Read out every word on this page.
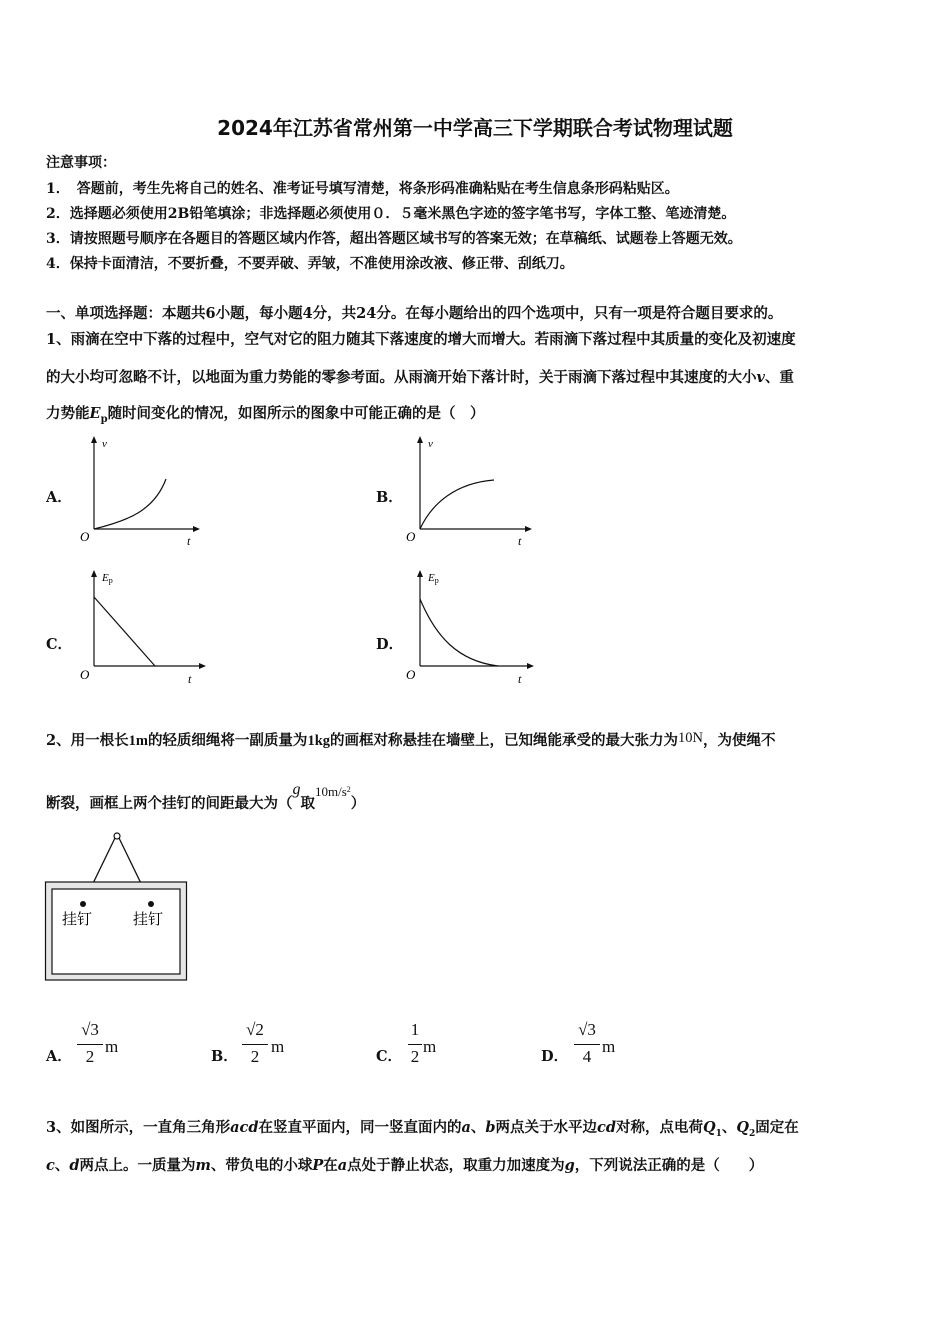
2024年江苏省常州第一中学高三下学期联合考试物理试题
注意事项：
1．　答题前，考生先将自己的姓名、准考证号填写清楚，将条形码准确粘贴在考生信息条形码粘贴区。
2．选择题必须使用2B铅笔填涂；非选择题必须使用０．５毫米黑色字迹的签字笔书写，字体工整、笔迹清楚。
3．请按照题号顺序在各题目的答题区域内作答，超出答题区域书写的答案无效；在草稿纸、试题卷上答题无效。
4．保持卡面清洁，不要折叠，不要弄破、弄皱，不准使用涂改液、修正带、刮纸刀。
一、单项选择题：本题共6小题，每小题4分，共24分。在每小题给出的四个选项中，只有一项是符合题目要求的。
1、雨滴在空中下落的过程中，空气对它的阻力随其下落速度的增大而增大。若雨滴下落过程中其质量的变化及初速度
的大小均可忽略不计，以地面为重力势能的零参考面。从雨滴开始下落计时，关于雨滴下落过程中其速度的大小v、重
力势能$E_p$随时间变化的情况，如图所示的图象中可能正确的是（　）
A．
v
O	t
B．
v
O	t
C．
Ep
O	t
D．
Ep
O	t
2、用一根长1m的轻质细绳将一副质量为1kg的画框对称悬挂在墙壁上，已知绳能承受的最大张力为10N，为使绳不
断裂，画框上两个挂钉的间距最大为（g取$10m/s^2$）
挂钉	挂钉
A．
√3
2
m
B．
√2
2
m
C．
1
2
m
D．
√3
4
m
3、如图所示，一直角三角形acd在竖直平面内，同一竖直面内的a、b两点关于水平边cd对称，点电荷$Q_1$、$Q_2$固定在
c、d两点上。一质量为m、带负电的小球P在a点处于静止状态，取重力加速度为g，下列说法正确的是（　　）
